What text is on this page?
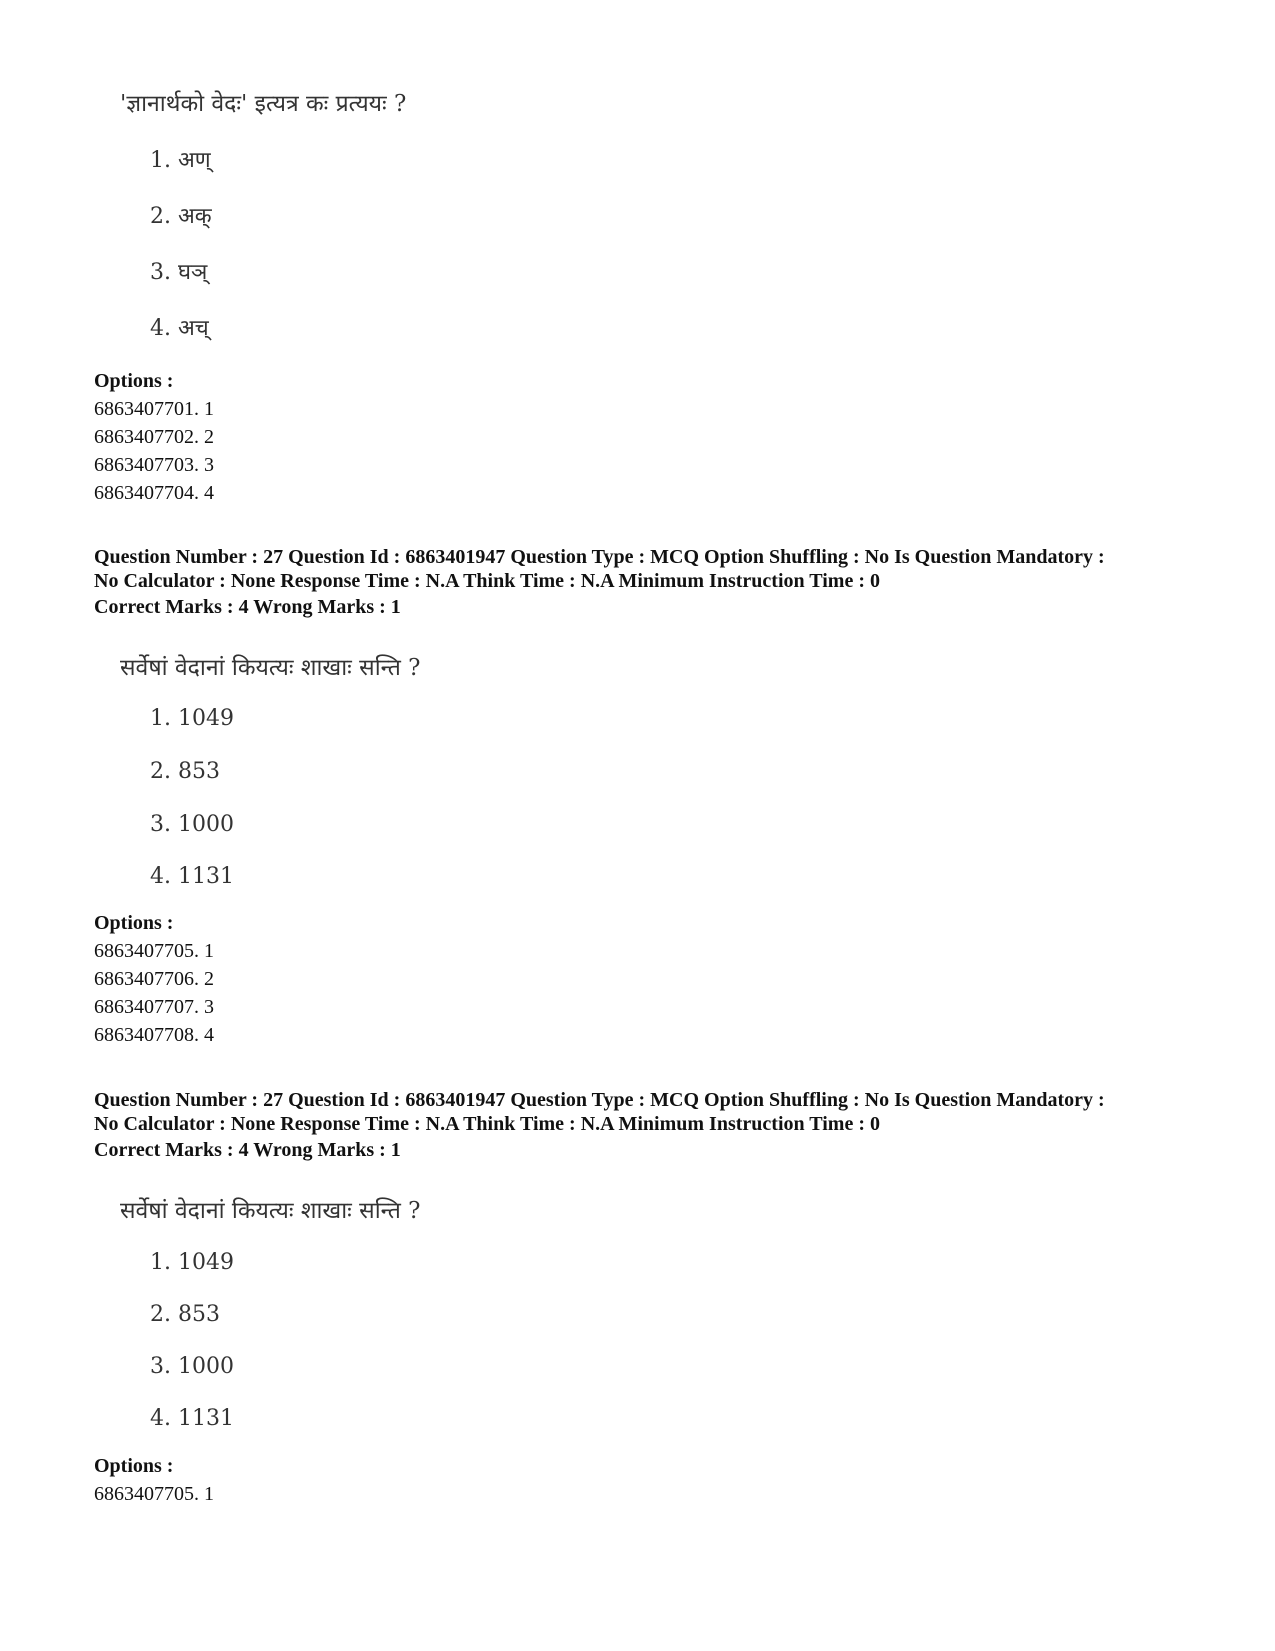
'ज्ञानार्थको वेदः' इत्यत्र कः प्रत्ययः ?
1. अण्
2. अक्
3. घञ्
4. अच्
Options :
6863407701. 1
6863407702. 2
6863407703. 3
6863407704. 4
Question Number : 27 Question Id : 6863401947 Question Type : MCQ Option Shuffling : No Is Question Mandatory :
No Calculator : None Response Time : N.A Think Time : N.A Minimum Instruction Time : 0
Correct Marks : 4 Wrong Marks : 1
सर्वेषां वेदानां कियत्यः शाखाः सन्ति ?
1. 1049
2. 853
3. 1000
4. 1131
Options :
6863407705. 1
6863407706. 2
6863407707. 3
6863407708. 4
Question Number : 27 Question Id : 6863401947 Question Type : MCQ Option Shuffling : No Is Question Mandatory :
No Calculator : None Response Time : N.A Think Time : N.A Minimum Instruction Time : 0
Correct Marks : 4 Wrong Marks : 1
सर्वेषां वेदानां कियत्यः शाखाः सन्ति ?
1. 1049
2. 853
3. 1000
4. 1131
Options :
6863407705. 1
